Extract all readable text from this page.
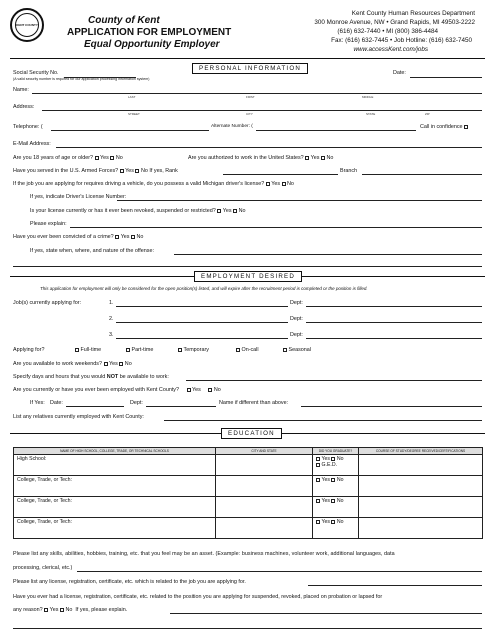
KENT COUNTY	County of Kent
APPLICATION FOR EMPLOYMENT
Equal Opportunity Employer
Kent County Human Resources Department
300 Monroe Avenue, NW • Grand Rapids, MI 49503-2222
(616) 632-7440 • MI (800) 386-4484
Fax: (616) 632-7445 • Job Hotline: (616) 632-7450
www.accessKent.com/jobs
PERSONAL INFORMATION
Social Security No.
(A valid security number is required for our application processing information system)
Date:
Name:
LAST	FIRST	MIDDLE
Address:
STREET	CITY	STATE	ZIP
Telephone: (	Alternate Number: (	Call in confidence
E-Mail Address:
Are you 18 years of age or older? Yes No	Are you authorized to work in the United States? Yes No
Have you served in the U.S. Armed Forces? Yes No If yes, Rank	Branch
If the job you are applying for requires driving a vehicle, do you possess a valid Michigan driver's license? Yes No
If yes, indicate Driver's License Number:
Is your license currently or has it ever been revoked, suspended or restricted? Yes No
Please explain:
Have you ever been convicted of a crime? Yes No
If yes, state when, where, and nature of the offense:
EMPLOYMENT DESIRED
This application for employment will only be considered for the open position(s) listed, and will expire after the recruitment period is completed or the position is filled.
Job(s) currently applying for:	1.	Dept:
2.	Dept:
3.	Dept:
Applying for?	Full-time	Part-time	Temporary	On-call	Seasonal
Are you available to work weekends? Yes No
Specify days and hours that you would NOT be available to work:
Are you currently or have you ever been employed with Kent County? Yes No
If Yes: Date:	Dept:	Name if different than above:
List any relatives currently employed with Kent County:
EDUCATION
NAME OF HIGH SCHOOL, COLLEGE, TRADE, OR TECHNICAL SCHOOLS	CITY AND STATE	DID YOU GRADUATE?	COURSE OF STUDY/DEGREE RECEIVED/CERTIFICATIONS
High School:		Yes No
G.E.D.	
College, Trade, or Tech:		Yes No	
College, Trade, or Tech:		Yes No	
College, Trade, or Tech:		Yes No	
Please list any skills, abilities, hobbies, training, etc. that you feel may be an asset. (Example: business machines, volunteer work, additional languages, data
processing, clerical, etc.)
Please list any license, registration, certificate, etc. which is related to the job you are applying for.
Have you ever had a license, registration, certificate, etc. related to the position you are applying for suspended, revoked, placed on probation or lapsed for
any reason? Yes No If yes, please explain.
